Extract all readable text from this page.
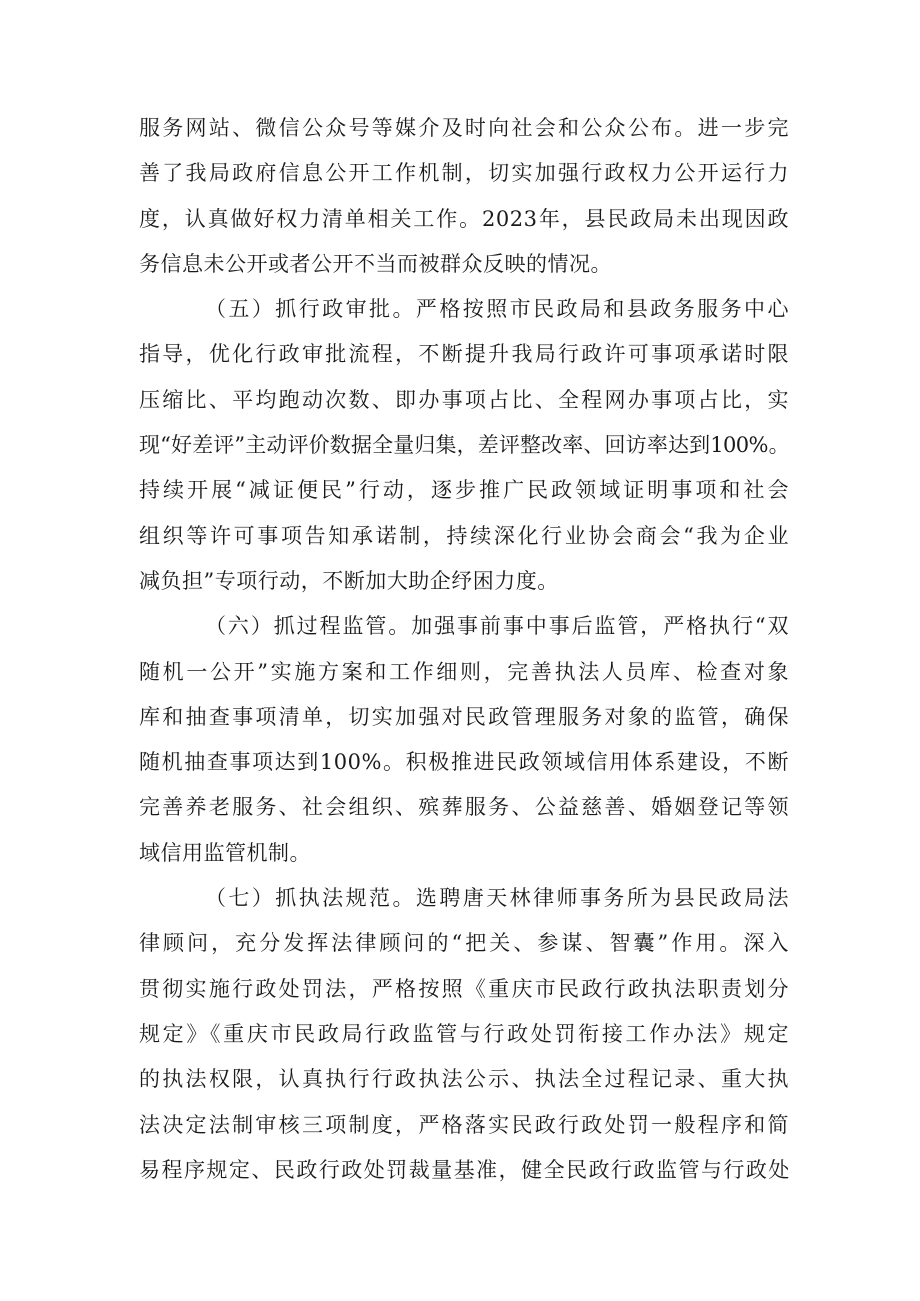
服务网站、微信公众号等媒介及时向社会和公众公布。进一步完
善了我局政府信息公开工作机制，切实加强行政权力公开运行力
度，认真做好权力清单相关工作。2023年，县民政局未出现因政
务信息未公开或者公开不当而被群众反映的情况。
（五）抓行政审批。严格按照市民政局和县政务服务中心
指导，优化行政审批流程，不断提升我局行政许可事项承诺时限
压缩比、平均跑动次数、即办事项占比、全程网办事项占比，实
现“好差评”主动评价数据全量归集，差评整改率、回访率达到100%。
持续开展“减证便民”行动，逐步推广民政领域证明事项和社会
组织等许可事项告知承诺制，持续深化行业协会商会“我为企业
减负担”专项行动，不断加大助企纾困力度。
（六）抓过程监管。加强事前事中事后监管，严格执行“双
随机一公开”实施方案和工作细则，完善执法人员库、检查对象
库和抽查事项清单，切实加强对民政管理服务对象的监管，确保
随机抽查事项达到100%。积极推进民政领域信用体系建设，不断
完善养老服务、社会组织、殡葬服务、公益慈善、婚姻登记等领
域信用监管机制。
（七）抓执法规范。选聘唐天林律师事务所为县民政局法
律顾问，充分发挥法律顾问的“把关、参谋、智囊”作用。深入
贯彻实施行政处罚法，严格按照《重庆市民政行政执法职责划分
规定》《重庆市民政局行政监管与行政处罚衔接工作办法》规定
的执法权限，认真执行行政执法公示、执法全过程记录、重大执
法决定法制审核三项制度，严格落实民政行政处罚一般程序和简
易程序规定、民政行政处罚裁量基准，健全民政行政监管与行政处
